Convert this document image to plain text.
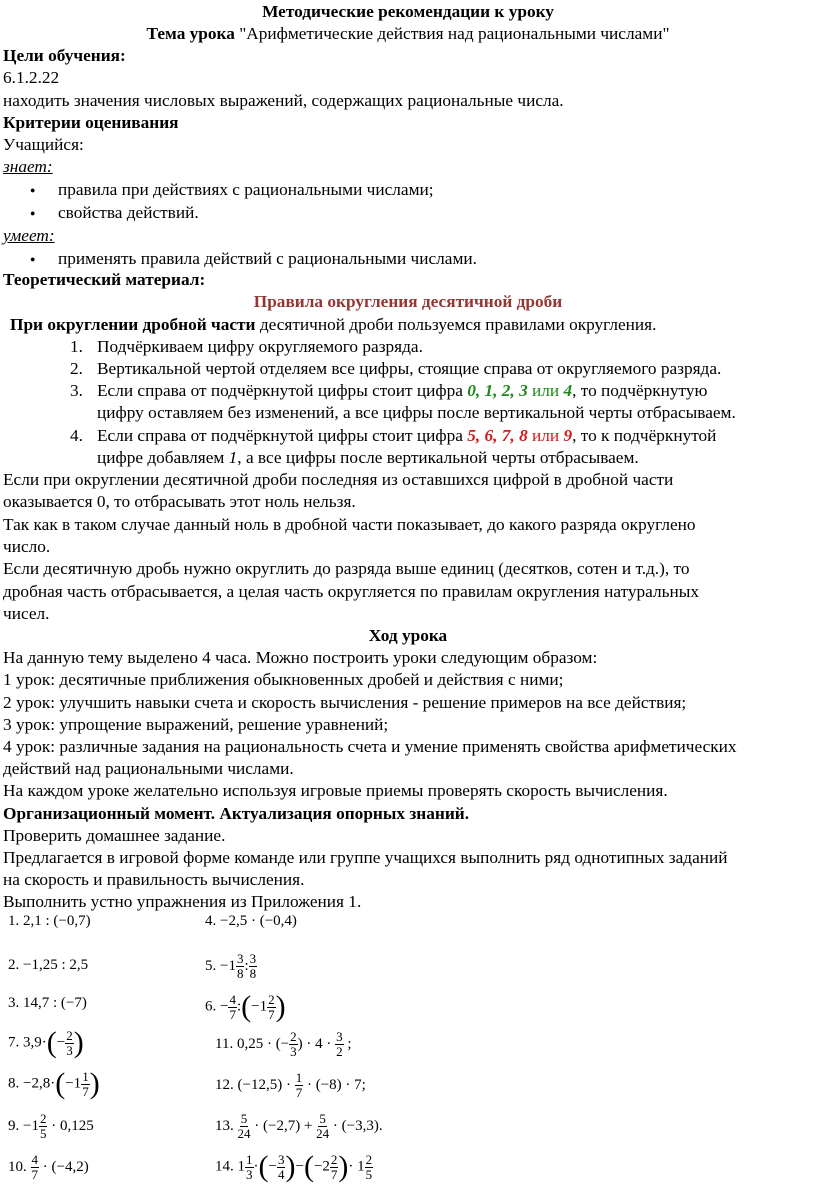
Методические рекомендации к уроку
Тема урока "Арифметические действия над рациональными числами"
Цели обучения:
6.1.2.22
находить значения числовых выражений, содержащих рациональные числа.
Критерии оценивания
Учащийся:
знает:
● правила при действиях с рациональными числами;
● свойства действий.
умеет:
● применять правила действий с рациональными числами.
Теоретический материал:
Правила округления десятичной дроби
При округлении дробной части десятичной дроби пользуемся правилами округления.
1. Подчёркиваем цифру округляемого разряда.
2. Вертикальной чертой отделяем все цифры, стоящие справа от округляемого разряда.
3. Если справа от подчёркнутой цифры стоит цифра 0, 1, 2, 3 или 4, то подчёркнутую
цифру оставляем без изменений, а все цифры после вертикальной черты отбрасываем.
4. Если справа от подчёркнутой цифры стоит цифра 5, 6, 7, 8 или 9, то к подчёркнутой
цифре добавляем 1, а все цифры после вертикальной черты отбрасываем.
Если при округлении десятичной дроби последняя из оставшихся цифрой в дробной части
оказывается 0, то отбрасывать этот ноль нельзя.
Так как в таком случае данный ноль в дробной части показывает, до какого разряда округлено
число.
Если десятичную дробь нужно округлить до разряда выше единиц (десятков, сотен и т.д.), то
дробная часть отбрасывается, а целая часть округляется по правилам округления натуральных
чисел.
Ход урока
На данную тему выделено 4 часа. Можно построить уроки следующим образом:
1 урок: десятичные приближения обыкновенных дробей и действия с ними;
2 урок: улучшить навыки счета и скорость вычисления - решение примеров на все действия;
3 урок: упрощение выражений, решение уравнений;
4 урок: различные задания на рациональность счета и умение применять свойства арифметических
действий над рациональными числами.
На каждом уроке желательно используя игровые приемы проверять скорость вычисления.
Организационный момент. Актуализация опорных знаний.
Проверить домашнее задание.
Предлагается в игровой форме команде или группе учащихся выполнить ряд однотипных заданий
на скорость и правильность вычисления.
Выполнить устно упражнения из Приложения 1.
1. 2,1 : (−0,7)
2. −1,25 : 2,5
3. 14,7 : (−7)
7. $3,9\cdot(- \frac{2}{3}$ )
8. $-2,8\cdot(-1 \frac{1}{7}$ )
9. $-1 \frac{2}{5} \cdot 0,125$
10. $\frac{4}{7} \cdot (-4,2)$
4. −2,5 · (−0,4)
5. $-1 \frac{3}{8}$ : $\frac{3}{8}$
6. − $\frac{4}{7}$ :(−1 $\frac{2}{7}$ )
11. 0,25 · (− $\frac{2}{3}$ ) · $4 \cdot \frac{3}{2}$ ;
12. $(-12,5) \cdot \frac{1}{7} \cdot (-8) \cdot 7$;
13. $\frac{5}{24} \cdot (-2,7) + \frac{5}{24} \cdot (-3,3)$.
14. $1 \frac{1}{3}$ ·(− $\frac{3}{4} )-(-2 \frac{2}{7}$ )· $1 \frac{2}{5}$
